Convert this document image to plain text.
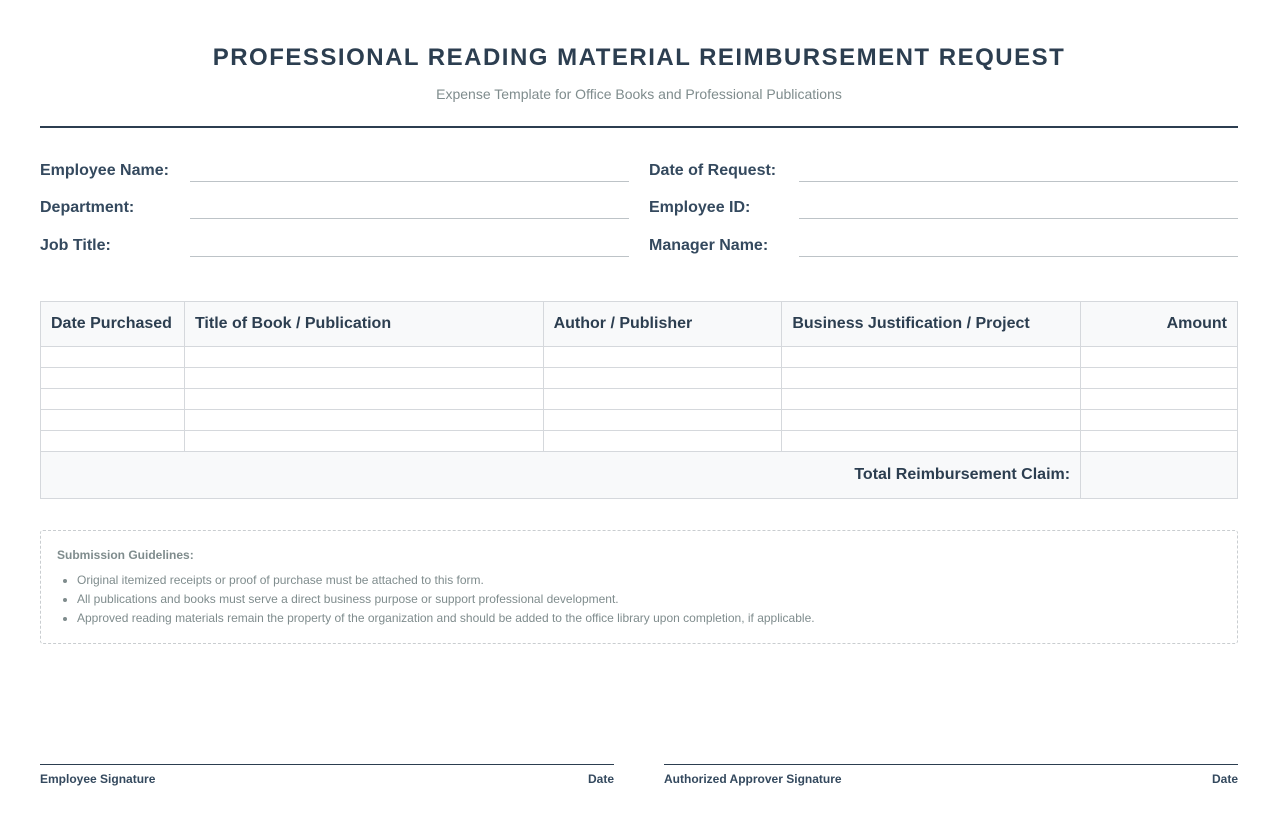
PROFESSIONAL READING MATERIAL REIMBURSEMENT REQUEST
Expense Template for Office Books and Professional Publications
Employee Name:
Department:
Job Title:
Date of Request:
Employee ID:
Manager Name:
Date Purchased	Title of Book / Publication	Author / Publisher	Business Justification / Project	Amount

Total Reimbursement Claim:				
Submission Guidelines:
• Original itemized receipts or proof of purchase must be attached to this form.
• All publications and books must serve a direct business purpose or support professional development.
• Approved reading materials remain the property of the organization and should be added to the office library upon completion, if applicable.
Employee Signature	Date	Authorized Approver Signature	Date
